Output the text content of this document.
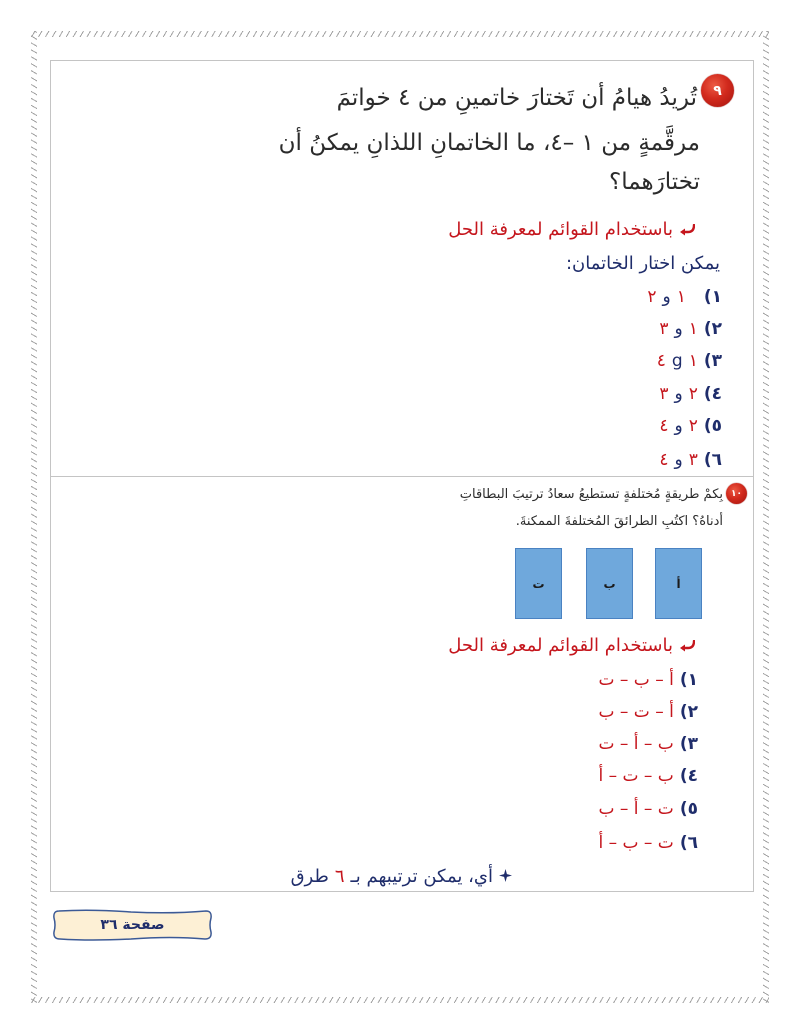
٩
تُريدُ هيامُ أن تَختارَ خاتمينِ من ٤ خواتمَ
مرقَّمةٍ من ١ –٤، ما الخاتمانِ اللذانِ يمكنُ أن
تختارَهما؟
باستخدام القوائم لمعرفة الحل
يمكن اختار الخاتمان:
١)
١
و
٢
٢)
١
و
٣
٣)
١
g
٤
٤)
٢
و
٣
٥)
٢
و
٤
٦)
٣
و
٤
١٠
بِكمْ طريقةٍ مُختلفةٍ تستطيعُ سعادُ ترتيبَ البطاقاتِ
أدناهُ؟ اكتُبِ الطرائقَ المُختلفةَ الممكنةَ.
أ
ب
ت
باستخدام القوائم لمعرفة الحل
١)
أ – ب – ت
٢)
أ – ت – ب
٣)
ب – أ – ت
٤)
ب – ت – أ
٥)
ت – أ – ب
٦)
ت – ب – أ
أي، يمكن ترتيبهم بـ
٦
طرق
صفحة ٣٦
